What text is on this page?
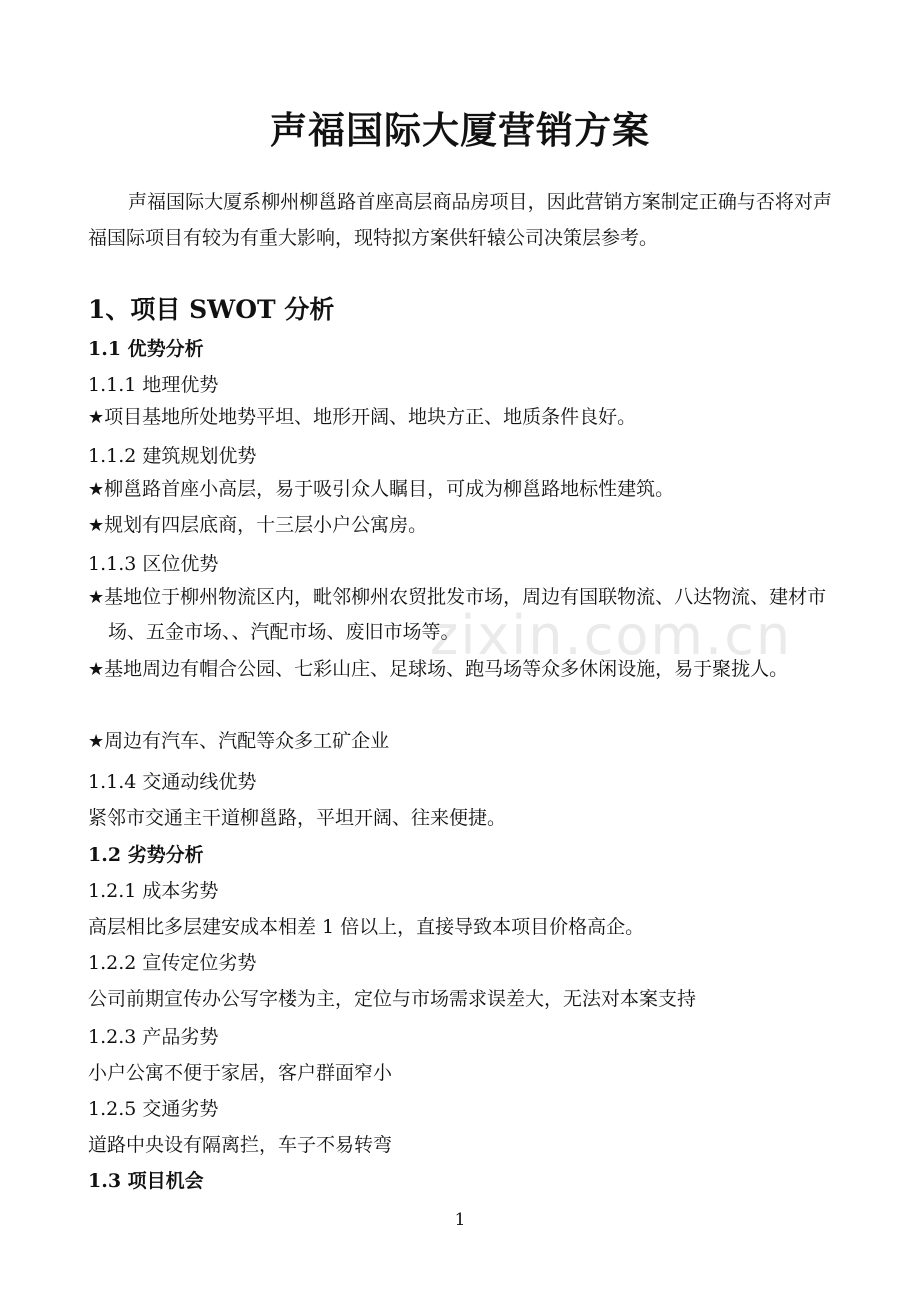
zixin.com.cn
声福国际大厦营销方案
声福国际大厦系柳州柳邕路首座高层商品房项目，因此营销方案制定正确与否将对声福国际项目有较为有重大影响，现特拟方案供轩辕公司决策层参考。
1、项目 SWOT 分析
1.1 优势分析
1.1.1 地理优势
★项目基地所处地势平坦、地形开阔、地块方正、地质条件良好。
1.1.2 建筑规划优势
★柳邕路首座小高层，易于吸引众人瞩目，可成为柳邕路地标性建筑。
★规划有四层底商，十三层小户公寓房。
1.1.3 区位优势
★基地位于柳州物流区内，毗邻柳州农贸批发市场，周边有国联物流、八达物流、建材市场、五金市场、、汽配市场、废旧市场等。
★基地周边有帽合公园、七彩山庄、足球场、跑马场等众多休闲设施，易于聚拢人。
★周边有汽车、汽配等众多工矿企业
1.1.4 交通动线优势
紧邻市交通主干道柳邕路，平坦开阔、往来便捷。
1.2 劣势分析
1.2.1 成本劣势
高层相比多层建安成本相差 1 倍以上，直接导致本项目价格高企。
1.2.2 宣传定位劣势
公司前期宣传办公写字楼为主，定位与市场需求误差大，无法对本案支持
1.2.3 产品劣势
小户公寓不便于家居，客户群面窄小
1.2.5 交通劣势
道路中央设有隔离拦，车子不易转弯
1.3 项目机会
1
